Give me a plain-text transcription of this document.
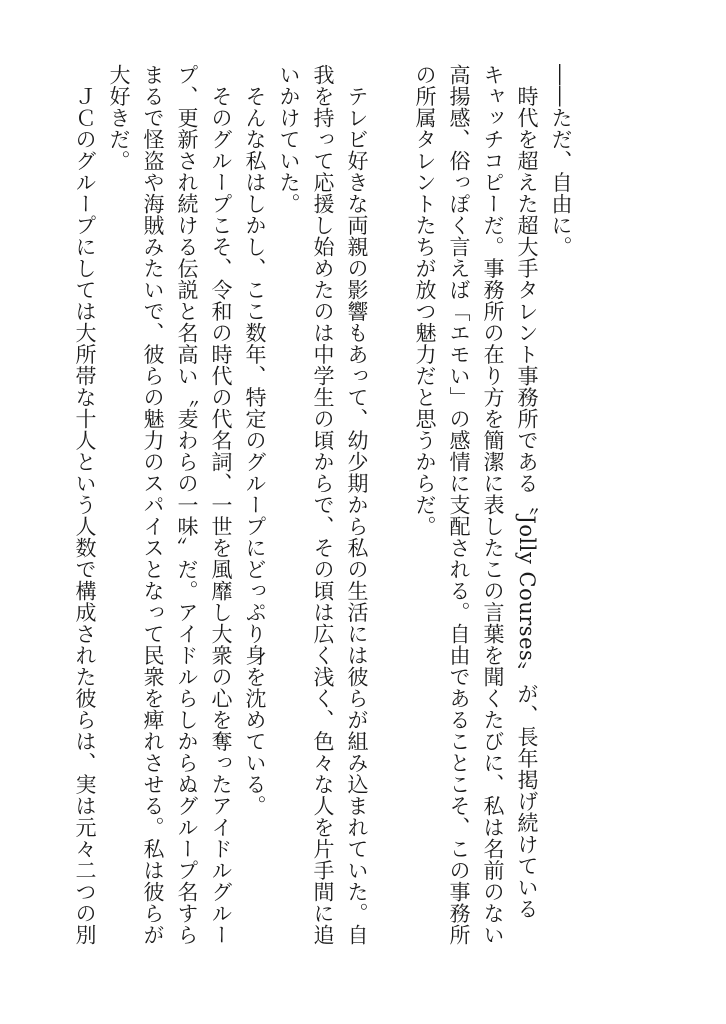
――ただ、自由に。
　時代を超えた超大手タレント事務所である〝Jolly Courses〟が、長年掲げ続けている
キャッチコピーだ。事務所の在り方を簡潔に表したこの言葉を聞くたびに、私は名前のない
高揚感、俗っぽく言えば「エモい」の感情に支配される。自由であることこそ、この事務所
の所属タレントたちが放つ魅力だと思うからだ。
　テレビ好きな両親の影響もあって、幼少期から私の生活には彼らが組み込まれていた。自
我を持って応援し始めたのは中学生の頃からで、その頃は広く浅く、色々な人を片手間に追
いかけていた。
　そんな私はしかし、ここ数年、特定のグループにどっぷり身を沈めている。
　そのグループこそ、令和の時代の代名詞、一世を風靡し大衆の心を奪ったアイドルグルー
プ、更新され続ける伝説と名高い〝麦わらの一味〟だ。アイドルらしからぬグループ名すら
まるで怪盗や海賊みたいで、彼らの魅力のスパイスとなって民衆を痺れさせる。私は彼らが
大好きだ。
　ＪＣのグループにしては大所帯な十人という人数で構成された彼らは、実は元々二つの別
